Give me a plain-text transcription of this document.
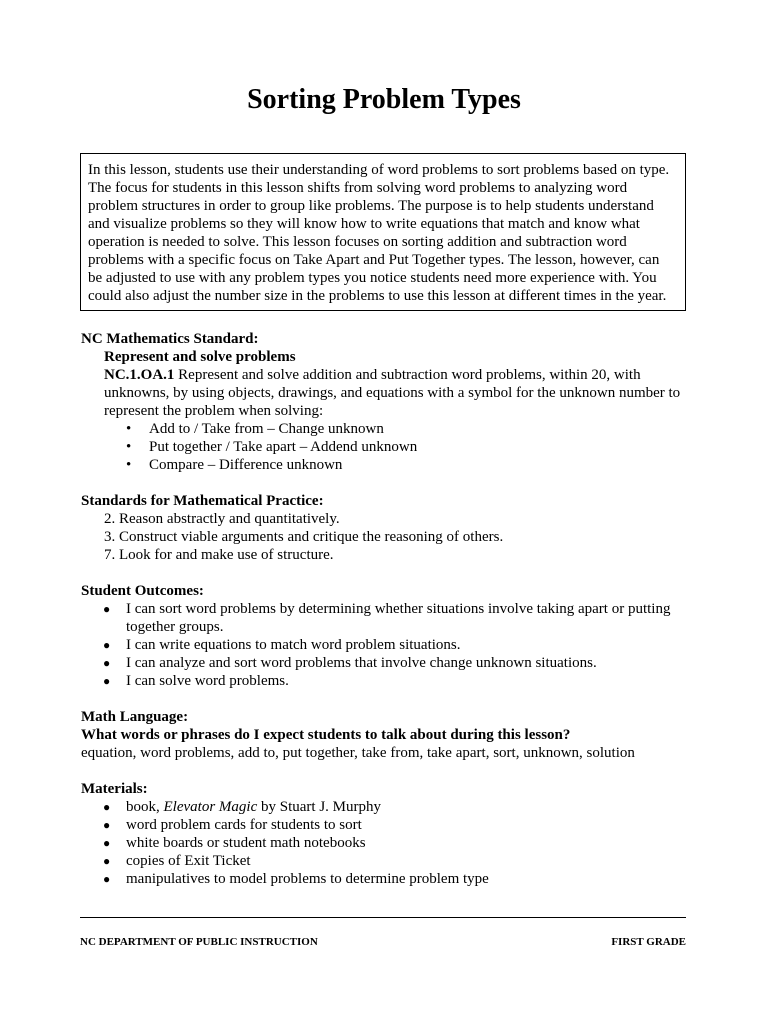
Sorting Problem Types
In this lesson, students use their understanding of word problems to sort problems based on type.
The focus for students in this lesson shifts from solving word problems to analyzing word
problem structures in order to group like problems. The purpose is to help students understand
and visualize problems so they will know how to write equations that match and know what
operation is needed to solve. This lesson focuses on sorting addition and subtraction word
problems with a specific focus on Take Apart and Put Together types. The lesson, however, can
be adjusted to use with any problem types you notice students need more experience with. You
could also adjust the number size in the problems to use this lesson at different times in the year.
NC Mathematics Standard:
Represent and solve problems
NC.1.OA.1 Represent and solve addition and subtraction word problems, within 20, with
unknowns, by using objects, drawings, and equations with a symbol for the unknown number to
represent the problem when solving:
• Add to / Take from – Change unknown
• Put together / Take apart – Addend unknown
• Compare – Difference unknown
Standards for Mathematical Practice:
2. Reason abstractly and quantitatively.
3. Construct viable arguments and critique the reasoning of others.
7. Look for and make use of structure.
Student Outcomes:
● I can sort word problems by determining whether situations involve taking apart or putting together groups.
● I can write equations to match word problem situations.
● I can analyze and sort word problems that involve change unknown situations.
● I can solve word problems.
Math Language:
What words or phrases do I expect students to talk about during this lesson?
equation, word problems, add to, put together, take from, take apart, sort, unknown, solution
Materials:
● book, Elevator Magic by Stuart J. Murphy
● word problem cards for students to sort
● white boards or student math notebooks
● copies of Exit Ticket
● manipulatives to model problems to determine problem type
NC DEPARTMENT OF PUBLIC INSTRUCTION	FIRST GRADE
